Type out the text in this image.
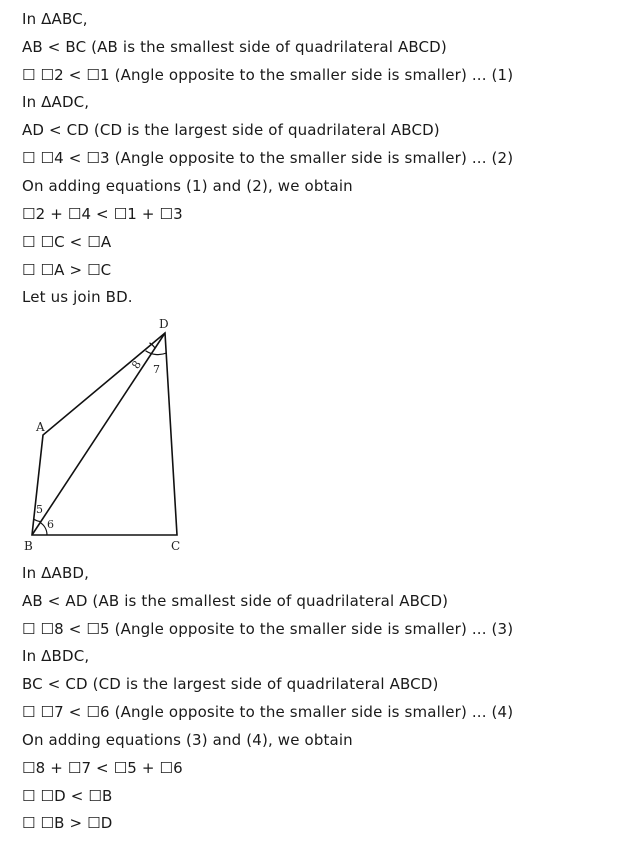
In ΔABC,
AB < BC (AB is the smallest side of quadrilateral ABCD)
☐ ☐2 < ☐1 (Angle opposite to the smaller side is smaller) ... (1)
In ΔADC,
AD < CD (CD is the largest side of quadrilateral ABCD)
☐ ☐4 < ☐3 (Angle opposite to the smaller side is smaller) ... (2)
On adding equations (1) and (2), we obtain
☐2 + ☐4 < ☐1 + ☐3
☐ ☐C < ☐A
☐ ☐A > ☐C
Let us join BD.
D
A
B	C
8 7
5
6
In ΔABD,
AB < AD (AB is the smallest side of quadrilateral ABCD)
☐ ☐8 < ☐5 (Angle opposite to the smaller side is smaller) ... (3)
In ΔBDC,
BC < CD (CD is the largest side of quadrilateral ABCD)
☐ ☐7 < ☐6 (Angle opposite to the smaller side is smaller) ... (4)
On adding equations (3) and (4), we obtain
☐8 + ☐7 < ☐5 + ☐6
☐ ☐D < ☐B
☐ ☐B > ☐D
